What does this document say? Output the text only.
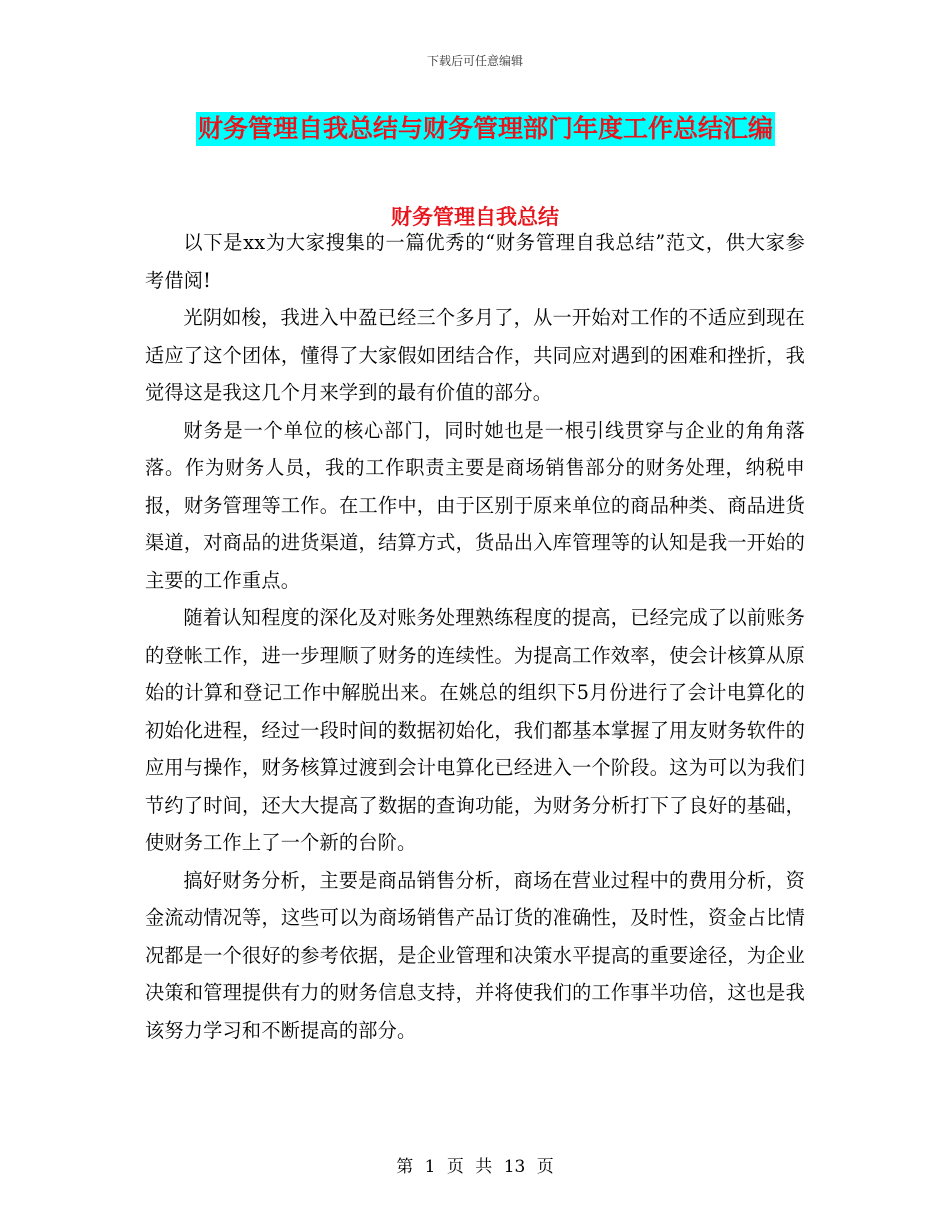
下载后可任意编辑
财务管理自我总结与财务管理部门年度工作总结汇编
财务管理自我总结

以下是xx为大家搜集的一篇优秀的“财务管理自我总结”范文，供大家参考借阅!

光阴如梭，我进入中盈已经三个多月了，从一开始对工作的不适应到现在适应了这个团体，懂得了大家假如团结合作，共同应对遇到的困难和挫折，我觉得这是我这几个月来学到的最有价值的部分。

财务是一个单位的核心部门，同时她也是一根引线贯穿与企业的角角落落。作为财务人员，我的工作职责主要是商场销售部分的财务处理，纳税申报，财务管理等工作。在工作中，由于区别于原来单位的商品种类、商品进货渠道，对商品的进货渠道，结算方式，货品出入库管理等的认知是我一开始的主要的工作重点。

随着认知程度的深化及对账务处理熟练程度的提高，已经完成了以前账务的登帐工作，进一步理顺了财务的连续性。为提高工作效率，使会计核算从原始的计算和登记工作中解脱出来。在姚总的组织下5月份进行了会计电算化的初始化进程，经过一段时间的数据初始化，我们都基本掌握了用友财务软件的应用与操作，财务核算过渡到会计电算化已经进入一个阶段。这为可以为我们节约了时间，还大大提高了数据的查询功能，为财务分析打下了良好的基础，使财务工作上了一个新的台阶。

搞好财务分析，主要是商品销售分析，商场在营业过程中的费用分析，资金流动情况等，这些可以为商场销售产品订货的准确性，及时性，资金占比情况都是一个很好的参考依据，是企业管理和决策水平提高的重要途径，为企业决策和管理提供有力的财务信息支持，并将使我们的工作事半功倍，这也是我该努力学习和不断提高的部分。

第 1 页 共 13 页
